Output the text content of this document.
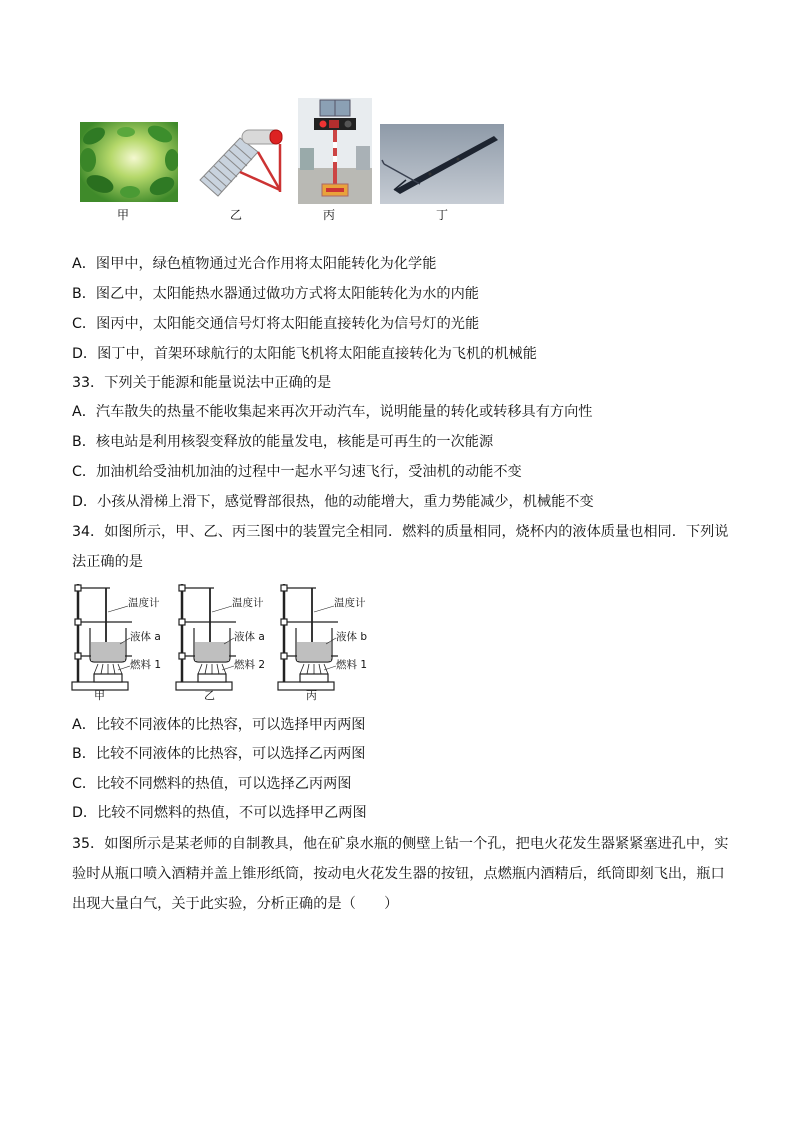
甲	乙	丙	丁
A．图甲中，绿色植物通过光合作用将太阳能转化为化学能
B．图乙中，太阳能热水器通过做功方式将太阳能转化为水的内能
C．图丙中，太阳能交通信号灯将太阳能直接转化为信号灯的光能
D．图丁中，首架环球航行的太阳能飞机将太阳能直接转化为飞机的机械能
33．下列关于能源和能量说法中正确的是
A．汽车散失的热量不能收集起来再次开动汽车，说明能量的转化或转移具有方向性
B．核电站是利用核裂变释放的能量发电，核能是可再生的一次能源
C．加油机给受油机加油的过程中一起水平匀速飞行，受油机的动能不变
D．小孩从滑梯上滑下，感觉臀部很热，他的动能增大，重力势能减少，机械能不变
34．如图所示，甲、乙、丙三图中的装置完全相同．燃料的质量相同，烧杯内的液体质量也相同．下列说
法正确的是
温度计
液体 a
燃料 1
甲
温度计
液体 a
燃料 2
乙
温度计
液体 b
燃料 1
丙
A．比较不同液体的比热容，可以选择甲丙两图
B．比较不同液体的比热容，可以选择乙丙两图
C．比较不同燃料的热值，可以选择乙丙两图
D．比较不同燃料的热值，不可以选择甲乙两图
35．如图所示是某老师的自制教具，他在矿泉水瓶的侧壁上钻一个孔，把电火花发生器紧紧塞进孔中，实
验时从瓶口喷入酒精并盖上锥形纸筒，按动电火花发生器的按钮，点燃瓶内酒精后，纸筒即刻飞出，瓶口
出现大量白气，关于此实验，分析正确的是（　　）
